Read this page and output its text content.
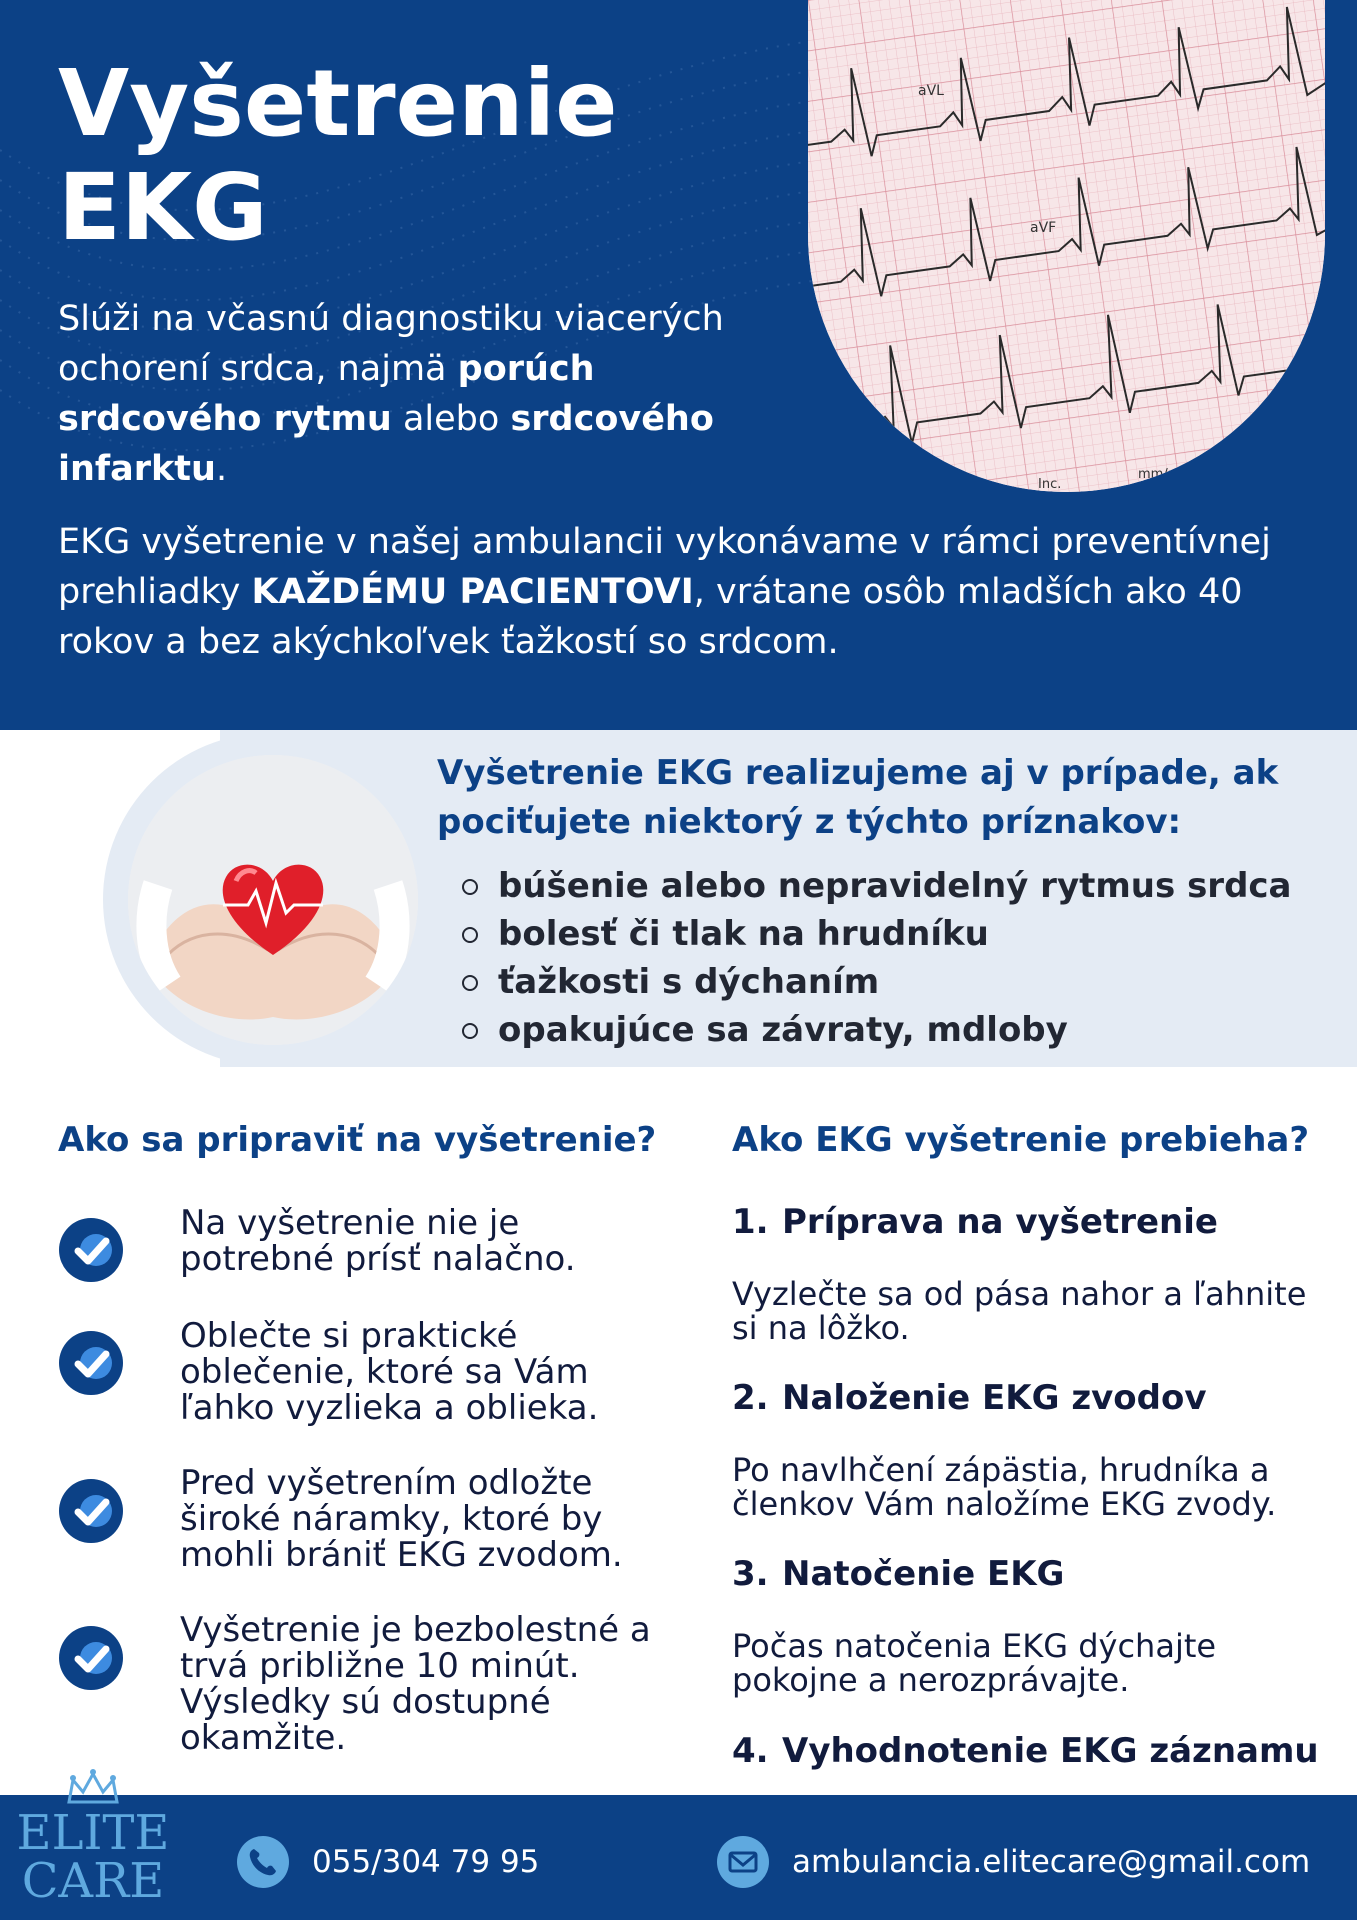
aVL
aVF
Inc.
mm/mV 50Hz
Vyšetrenie
EKG

Slúži na včasnú diagnostiku viacerých ochorení srdca, najmä porúch srdcového rytmu alebo srdcového infarktu.

EKG vyšetrenie v našej ambulancii vykonávame v rámci preventívnej prehliadky KAŽDÉMU PACIENTOVI, vrátane osôb mladších ako 40 rokov a bez akýchkoľvek ťažkostí so srdcom.

Vyšetrenie EKG realizujeme aj v prípade, ak pociťujete niektorý z týchto príznakov:
búšenie alebo nepravidelný rytmus srdca
bolesť či tlak na hrudníku
ťažkosti s dýchaním
opakujúce sa závraty, mdloby
Ako sa pripraviť na vyšetrenie?

Na vyšetrenie nie je potrebné prísť nalačno.

Oblečte si praktické oblečenie, ktoré sa Vám ľahko vyzlieka a oblieka.

Pred vyšetrením odložte široké náramky, ktoré by mohli brániť EKG zvodom.

Vyšetrenie je bezbolestné a trvá približne 10 minút. Výsledky sú dostupné okamžite.

Ako EKG vyšetrenie prebieha?
1. Príprava na vyšetrenie

Vyzlečte sa od pása nahor a ľahnite si na lôžko.

2. Naloženie EKG zvodov

Po navlhčení zápästia, hrudníka a členkov Vám naložíme EKG zvody.

3. Natočenie EKG

Počas natočenia EKG dýchajte pokojne a nerozprávajte.

4. Vyhodnotenie EKG záznamu
ELITE
CARE	055/304 79 95	ambulancia.elitecare@gmail.com
